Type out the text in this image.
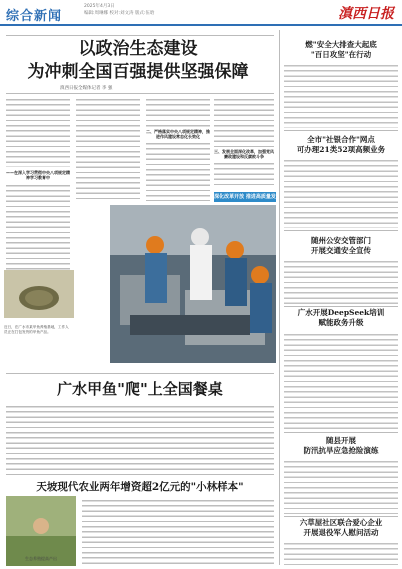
综合新闻
2025年4月3日
编辑:周琳娜 校对:刘文涛 版式:伍晗	滇西日报
以政治生态建设
为冲刺全国百强提供坚强保障
滇西日报全媒体记者 李 强
——在深入学习贯彻中央八项规定精神学习教育中
二、严格落实中央八项规定精神，推进作风建设常态化长效化
三、发展全面深化改革，加强党风廉政建设和反腐败斗争
深化改革开放 推进高质量发
近日，在广水市某甲鱼养殖基地，工作人员正在打包发货的甲鱼产品。
燃"安全大排查大起底
"百日攻坚"在行动
全市"社银合作"网点
可办理21类52项高频业务
随州公安交管部门
开展交通安全宣传
广水开展DeepSeek培训
赋能政务升级
随县开展
防汛抗旱应急抢险演练
六草屋社区联合爱心企业
开展退役军人慰问活动
广水甲鱼"爬"上全国餐桌
天坡现代农业两年增资超2亿元的"小林样本"
生态养殖提高产出
